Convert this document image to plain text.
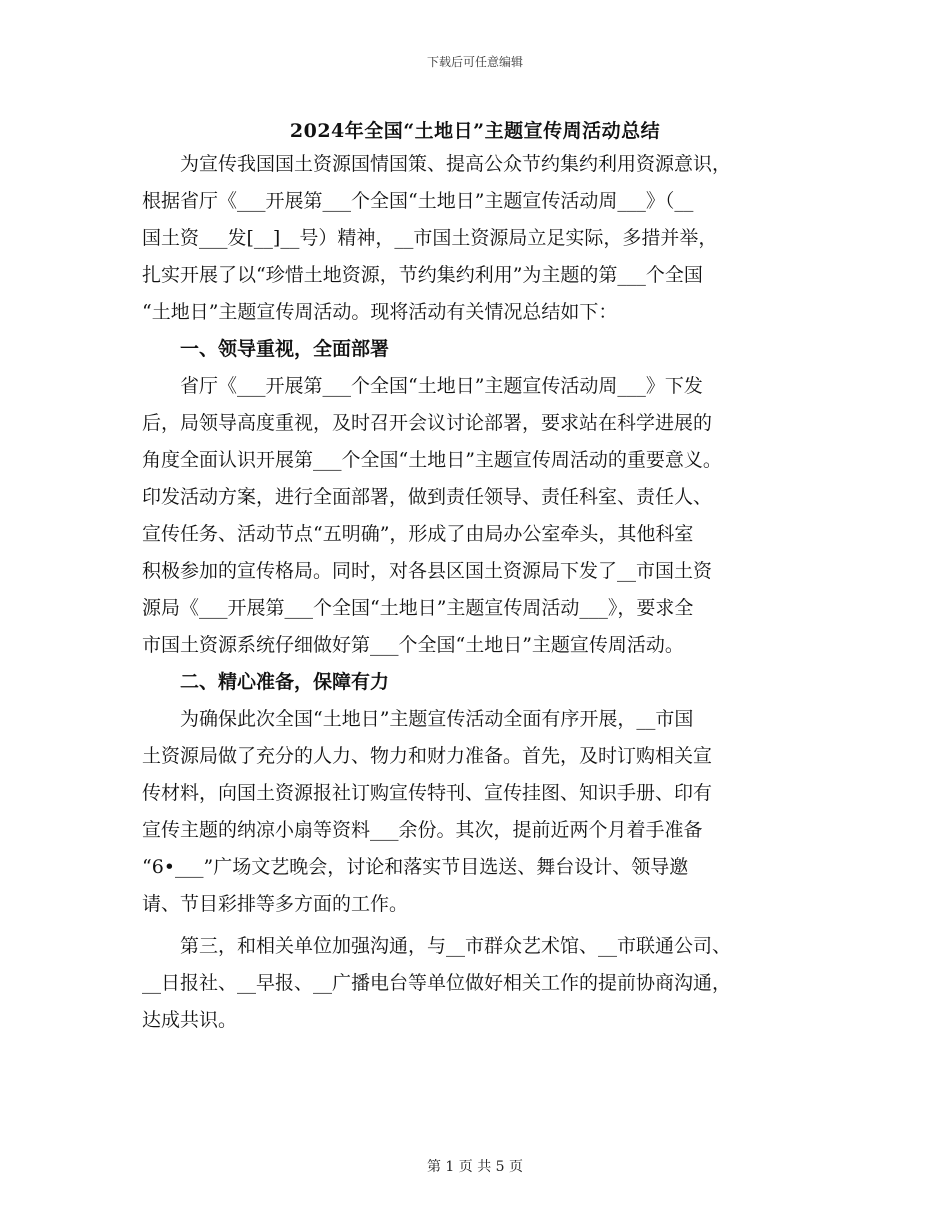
下载后可任意编辑
2024年全国“土地日”主题宣传周活动总结
为宣传我国国土资源国情国策、提高公众节约集约利用资源意识，
根据省厅《___开展第___个全国“土地日”主题宣传活动周___》（__
国土资___发[__]__号）精神，__市国土资源局立足实际，多措并举，
扎实开展了以“珍惜土地资源，节约集约利用”为主题的第___个全国
“土地日”主题宣传周活动。现将活动有关情况总结如下：
一、领导重视，全面部署
省厅《___开展第___个全国“土地日”主题宣传活动周___》下发
后，局领导高度重视，及时召开会议讨论部署，要求站在科学进展的
角度全面认识开展第___个全国“土地日”主题宣传周活动的重要意义。
印发活动方案，进行全面部署，做到责任领导、责任科室、责任人、
宣传任务、活动节点“五明确”，形成了由局办公室牵头，其他科室
积极参加的宣传格局。同时，对各县区国土资源局下发了__市国土资
源局《___开展第___个全国“土地日”主题宣传周活动___》，要求全
市国土资源系统仔细做好第___个全国“土地日”主题宣传周活动。
二、精心准备，保障有力
为确保此次全国“土地日”主题宣传活动全面有序开展，__市国
土资源局做了充分的人力、物力和财力准备。首先，及时订购相关宣
传材料，向国土资源报社订购宣传特刊、宣传挂图、知识手册、印有
宣传主题的纳凉小扇等资料___余份。其次，提前近两个月着手准备
“6•___”广场文艺晚会，讨论和落实节目选送、舞台设计、领导邀
请、节目彩排等多方面的工作。
第三，和相关单位加强沟通，与__市群众艺术馆、__市联通公司、
__日报社、__早报、__广播电台等单位做好相关工作的提前协商沟通，
达成共识。
第 1 页 共 5 页
